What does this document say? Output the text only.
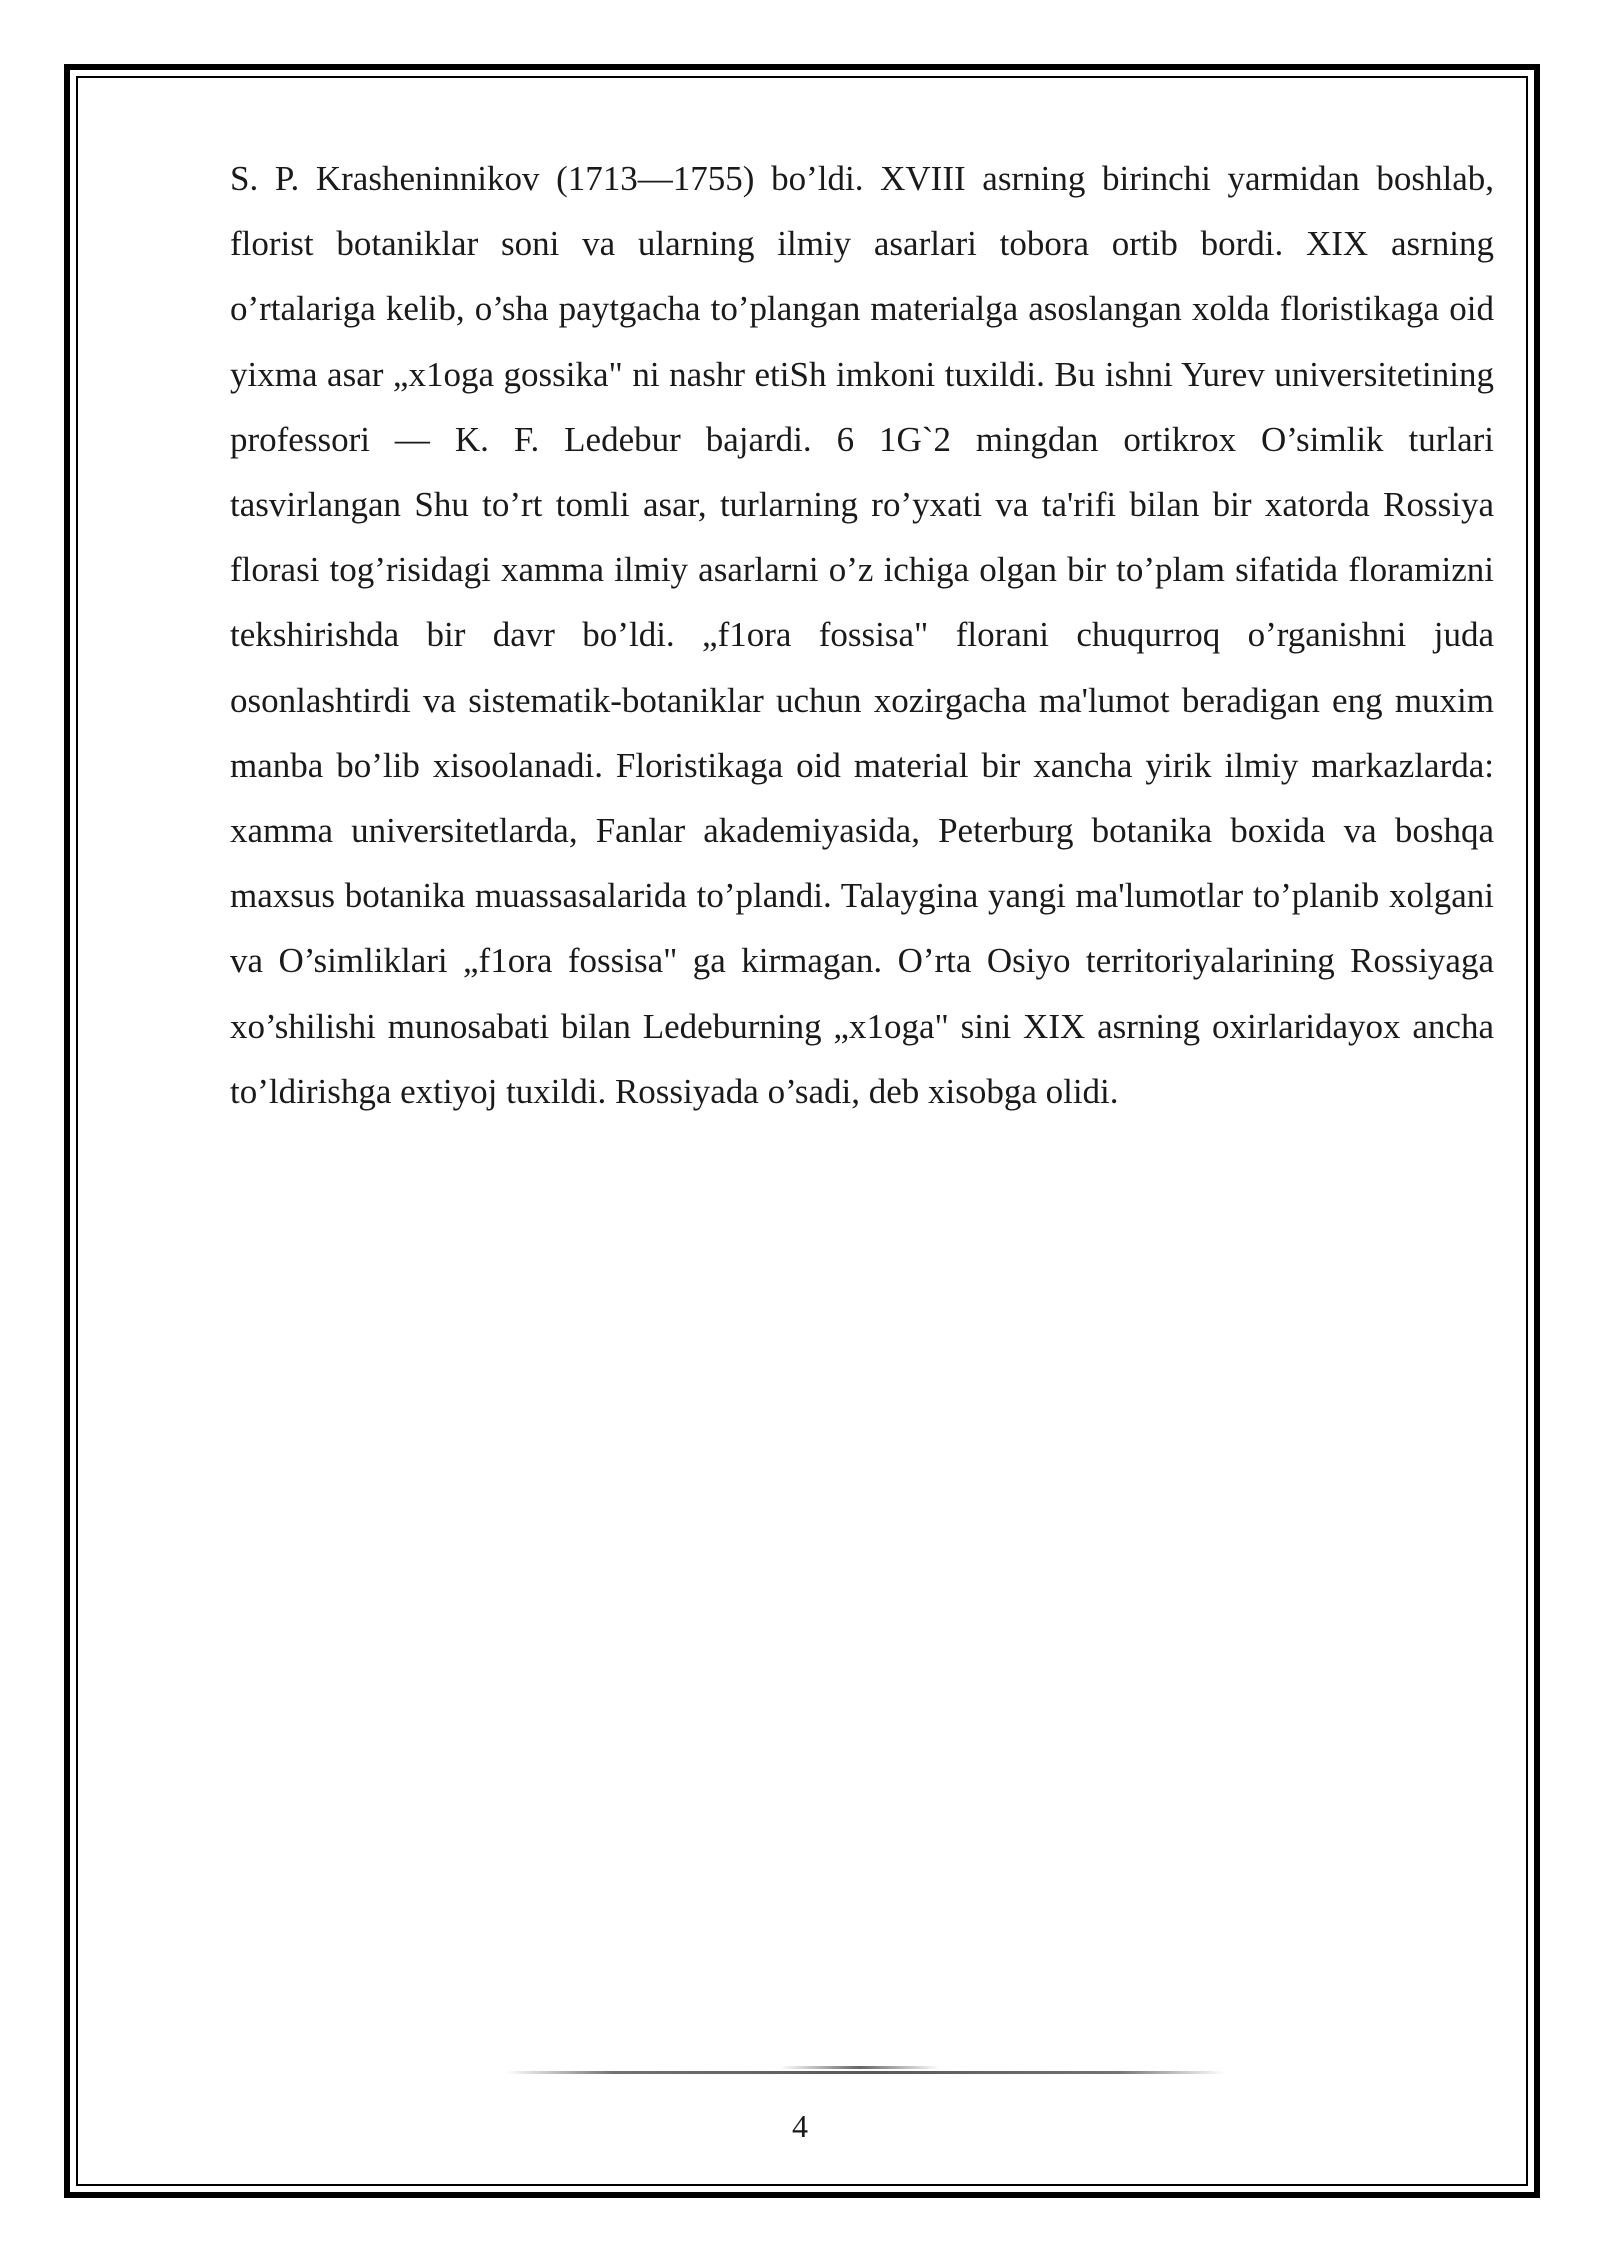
S. P. Krasheninnikov (1713—1755) bo’ldi. XVIII asrning birinchi yarmidan boshlab, florist botaniklar soni va ularning ilmiy asarlari tobora ortib bordi. XIX asrning o’rtalariga kelib, o’sha paytgacha to’plangan materialga asoslangan xolda floristikaga oid yixma asar „x1oga gossika" ni nashr etiSh imkoni tuxildi. Bu ishni Yurev universitetining professori — K. F. Ledebur bajardi. 6 1G`2 mingdan ortikrox O’simlik turlari tasvirlangan Shu to’rt tomli asar, turlarning ro’yxati va ta'rifi bilan bir xatorda Rossiya florasi tog’risidagi xamma ilmiy asarlarni o’z ichiga olgan bir to’plam sifatida floramizni tekshirishda bir davr bo’ldi. „f1ora fossisa" florani chuqurroq o’rganishni juda osonlashtirdi va sistematik-botaniklar uchun xozirgacha ma'lumot beradigan eng muxim manba bo’lib xisoolanadi. Floristikaga oid material bir xancha yirik ilmiy markazlarda: xamma universitetlarda, Fanlar akademiyasida, Peterburg botanika boxida va boshqa maxsus botanika muassasalarida to’plandi. Talaygina yangi ma'lumotlar to’planib xolgani va O’simliklari „f1ora fossisa" ga kirmagan. O’rta Osiyo territoriyalarining Rossiyaga xo’shilishi munosabati bilan Ledeburning „x1oga" sini XIX asrning oxirlaridayox ancha to’ldirishga extiyoj tuxildi. Rossiyada o’sadi, deb xisobga olidi.

4
